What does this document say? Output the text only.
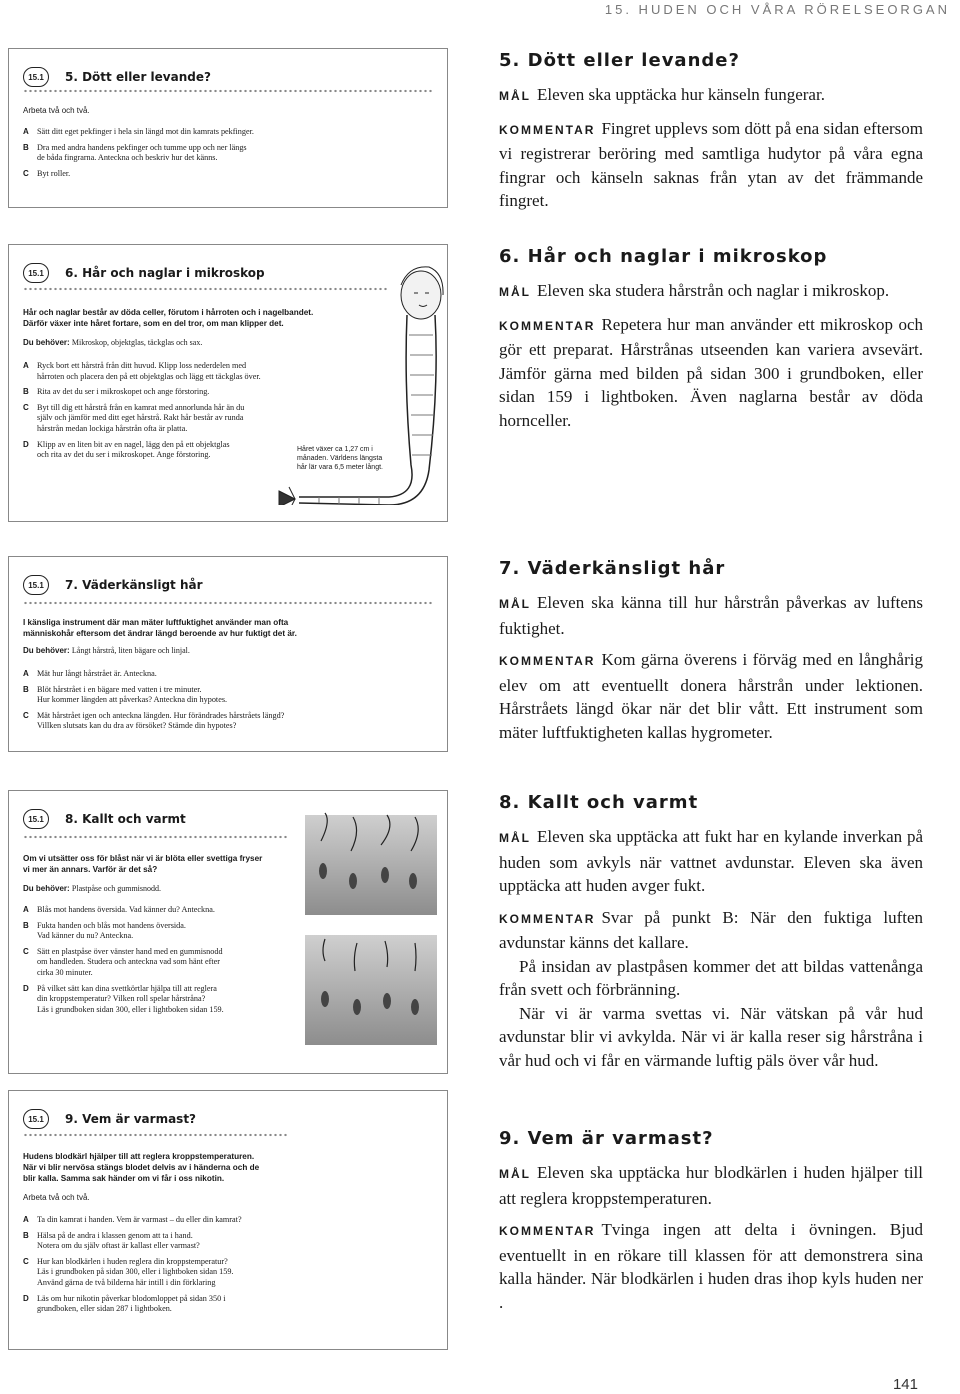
15. HUDEN OCH VÅRA RÖRELSEORGAN
15.1	5. Dött eller levande?
Arbeta två och två.
A	Sätt ditt eget pekfinger i hela sin längd mot din kamrats pekfinger.
B	Dra med andra handens pekfinger och tumme upp och ner längs
de båda fingrarna. Anteckna och beskriv hur det känns.
C	Byt roller.
15.1	6. Hår och naglar i mikroskop
Hår och naglar består av döda celler, förutom i hårroten och i nagelbandet.
Därför växer inte håret fortare, som en del tror, om man klipper det.
Du behöver: Mikroskop, objektglas, täckglas och sax.
A	Ryck bort ett hårstrå från ditt huvud. Klipp loss nederdelen med
hårroten och placera den på ett objektglas och lägg ett täckglas över.
B	Rita av det du ser i mikroskopet och ange förstoring.
C	Byt till dig ett hårstrå från en kamrat med annorlunda hår än du
själv och jämför med ditt eget hårstrå. Rakt hår består av runda
hårstrån medan lockiga hårstrån ofta är platta.
D	Klipp av en liten bit av en nagel, lägg den på ett objektglas
och rita av det du ser i mikroskopet. Ange förstoring.
Håret växer ca 1,27 cm i
månaden. Världens längsta
hår lär vara 6,5 meter långt.
15.1	7. Väderkänsligt hår
I känsliga instrument där man mäter luftfuktighet använder man ofta
människohår eftersom det ändrar längd beroende av hur fuktigt det är.
Du behöver: Långt hårstrå, liten bägare och linjal.
A	Mät hur långt hårstrået är. Anteckna.
B	Blöt hårstrået i en bägare med vatten i tre minuter.
Hur kommer längden att påverkas? Anteckna din hypotes.
C	Mät hårstrået igen och anteckna längden. Hur förändrades hårstråets längd?
Villken slutsats kan du dra av försöket? Stämde din hypotes?
15.1	8. Kallt och varmt
Om vi utsätter oss för blåst när vi är blöta eller svettiga fryser
vi mer än annars. Varför är det så?
Du behöver: Plastpåse och gummisnodd.
A	Blås mot handens översida. Vad känner du? Anteckna.
B	Fukta handen och blås mot handens översida.
Vad känner du nu? Anteckna.
C	Sätt en plastpåse över vänster hand med en gummisnodd
om handleden. Studera och anteckna vad som hänt efter
cirka 30 minuter.
D	På vilket sätt kan dina svettkörtlar hjälpa till att reglera
din kroppstemperatur? Vilken roll spelar hårstråna?
Läs i grundboken sidan 300, eller i lightboken sidan 159.
15.1	9. Vem är varmast?
Hudens blodkärl hjälper till att reglera kroppstemperaturen.
När vi blir nervösa stängs blodet delvis av i händerna och de
blir kalla. Samma sak händer om vi får i oss nikotin.
Arbeta två och två.
A	Ta din kamrat i handen. Vem är varmast – du eller din kamrat?
B	Hälsa på de andra i klassen genom att ta i hand.
Notera om du själv oftast är kallast eller varmast?
C	Hur kan blodkärlen i huden reglera din kroppstemperatur?
Läs i grundboken på sidan 300, eller i lightboken sidan 159.
Använd gärna de två bilderna här intill i din förklaring
D	Läs om hur nikotin påverkar blodomloppet på sidan 350 i
grundboken, eller sidan 287 i lightboken.
5. Dött eller levande?
MÅL Eleven ska upptäcka hur känseln fungerar.
KOMMENTAR Fingret upplevs som dött på ena sidan eftersom vi registrerar beröring med samtliga hudytor på våra egna fingrar och känseln saknas från ytan av det främmande fingret.
6. Hår och naglar i mikroskop
MÅL Eleven ska studera hårstrån och naglar i mikroskop.
KOMMENTAR Repetera hur man använder ett mikroskop och gör ett preparat. Hårstrånas utseenden kan variera avsevärt. Jämför gärna med bilden på sidan 300 i grundboken, eller sidan 159 i lightboken. Även naglarna består av döda hornceller.
7. Väderkänsligt hår
MÅL Eleven ska känna till hur hårstrån påverkas av luftens fuktighet.
KOMMENTAR Kom gärna överens i förväg med en långhårig elev om att eventuellt donera hårstrån under lektionen. Hårstråets längd ökar när det blir vått. Ett instrument som mäter luftfuktigheten kallas hygrometer.
8. Kallt och varmt
MÅL Eleven ska upptäcka att fukt har en kylande inverkan på huden som avkyls när vattnet avdunstar. Eleven ska även upptäcka att huden avger fukt.
KOMMENTAR Svar på punkt B: När den fuktiga luften avdunstar känns det kallare.
På insidan av plastpåsen kommer det att bildas vattenånga från svett och förbränning.
När vi är varma svettas vi. När vätskan på vår hud avdunstar blir vi avkylda. När vi är kalla reser sig hårstråna i vår hud och vi får en värmande luftig päls över vår hud.
9. Vem är varmast?
MÅL Eleven ska upptäcka hur blodkärlen i huden hjälper till att reglera kroppstemperaturen.
KOMMENTAR Tvinga ingen att delta i övningen. Bjud eventuellt in en rökare till klassen för att demonstrera sina kalla händer. När blodkärlen i huden dras ihop kyls huden ner .
141
